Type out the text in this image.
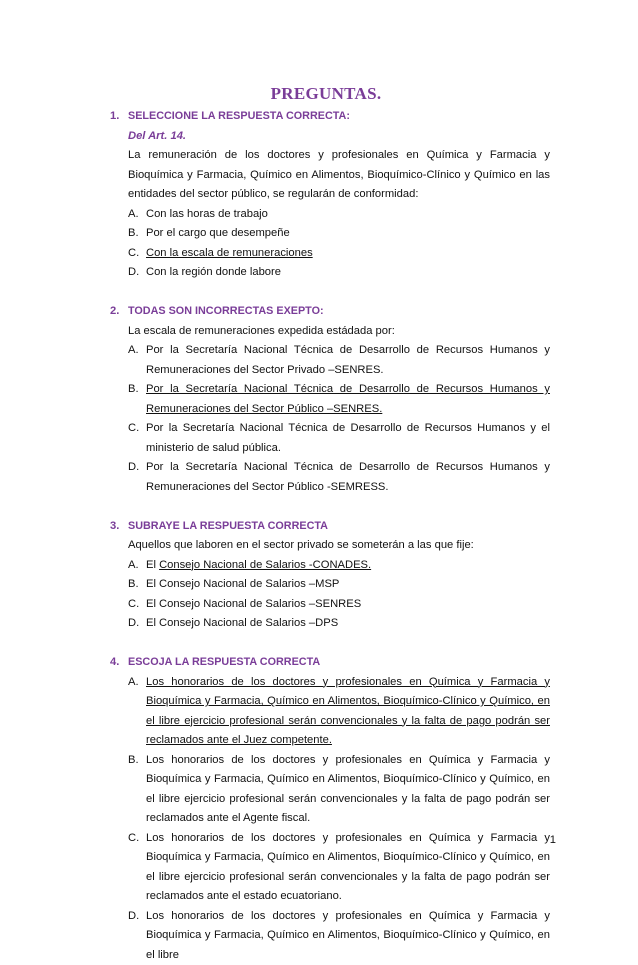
PREGUNTAS.
1. SELECCIONE LA RESPUESTA CORRECTA:
Del Art. 14.
La remuneración de los doctores y profesionales en Química y Farmacia y Bioquímica y Farmacia, Químico en Alimentos, Bioquímico-Clínico y Químico en las entidades del sector público, se regularán de conformidad:
A. Con las horas de trabajo
B. Por el cargo que desempeñe
C. Con la escala de remuneraciones
D. Con la región donde labore
2. TODAS SON INCORRECTAS EXEPTO:
La escala de remuneraciones expedida estádada por:
A. Por la Secretaría Nacional Técnica de Desarrollo de Recursos Humanos y Remuneraciones del Sector Privado –SENRES.
B. Por la Secretaría Nacional Técnica de Desarrollo de Recursos Humanos y Remuneraciones del Sector Público –SENRES.
C. Por la Secretaría Nacional Técnica de Desarrollo de Recursos Humanos y el ministerio de salud pública.
D. Por la Secretaría Nacional Técnica de Desarrollo de Recursos Humanos y Remuneraciones del Sector Público -SEMRESS.
3. SUBRAYE LA RESPUESTA CORRECTA
Aquellos que laboren en el sector privado se someterán a las que fije:
A. El Consejo Nacional de Salarios -CONADES.
B. El Consejo Nacional de Salarios –MSP
C. El Consejo Nacional de Salarios –SENRES
D. El Consejo Nacional de Salarios –DPS
4. ESCOJA LA RESPUESTA CORRECTA
A. Los honorarios de los doctores y profesionales en Química y Farmacia y Bioquímica y Farmacia, Químico en Alimentos, Bioquímico-Clínico y Químico, en el libre ejercicio profesional serán convencionales y la falta de pago podrán ser reclamados ante el Juez competente.
B. Los honorarios de los doctores y profesionales en Química y Farmacia y Bioquímica y Farmacia, Químico en Alimentos, Bioquímico-Clínico y Químico, en el libre ejercicio profesional serán convencionales y la falta de pago podrán ser reclamados ante el Agente fiscal.
C. Los honorarios de los doctores y profesionales en Química y Farmacia y Bioquímica y Farmacia, Químico en Alimentos, Bioquímico-Clínico y Químico, en el libre ejercicio profesional serán convencionales y la falta de pago podrán ser reclamados ante el estado ecuatoriano.
D. Los honorarios de los doctores y profesionales en Química y Farmacia y Bioquímica y Farmacia, Químico en Alimentos, Bioquímico-Clínico y Químico, en el libre
1
